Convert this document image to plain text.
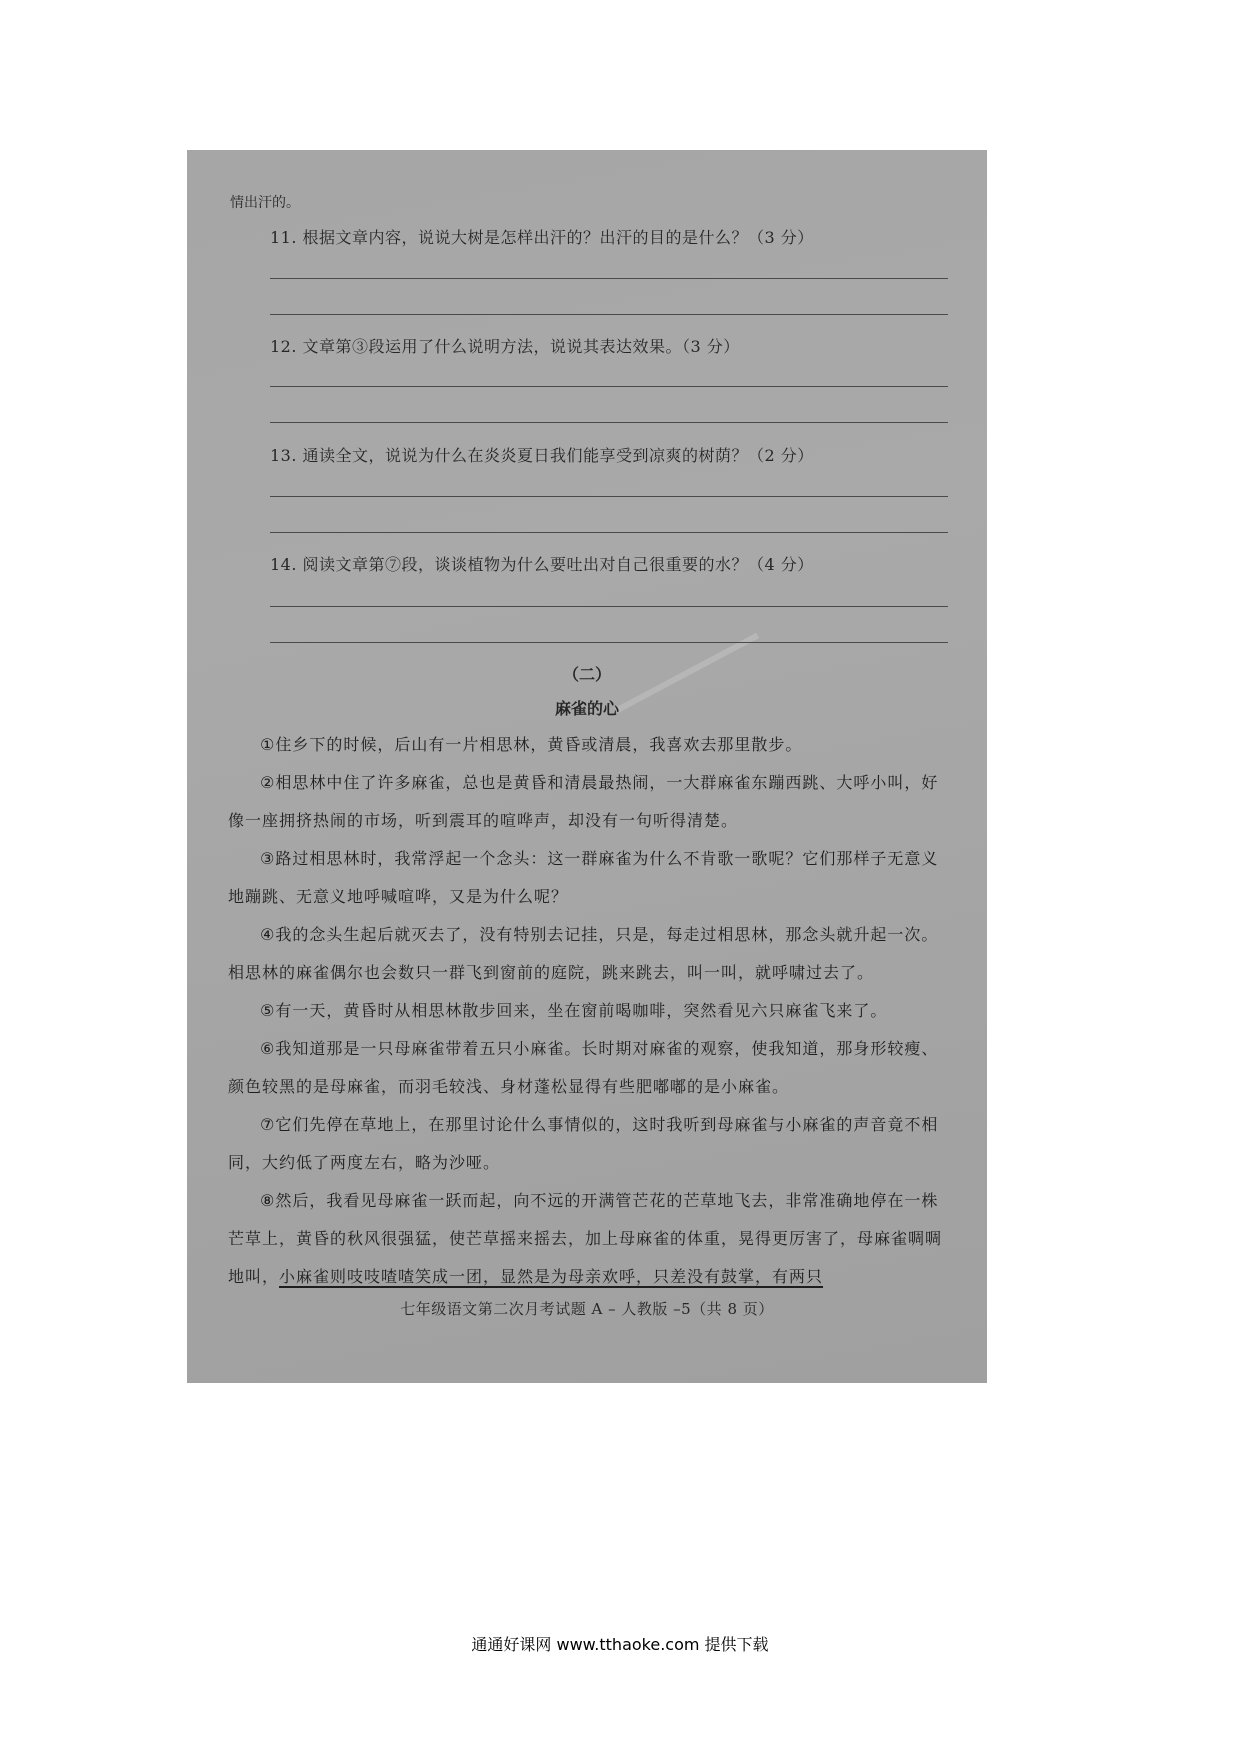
情出汗的。
11. 根据文章内容，说说大树是怎样出汗的？出汗的目的是什么？（3 分）
12. 文章第③段运用了什么说明方法，说说其表达效果。（3 分）
13. 通读全文，说说为什么在炎炎夏日我们能享受到凉爽的树荫？（2 分）
14. 阅读文章第⑦段，谈谈植物为什么要吐出对自己很重要的水？（4 分）
（二）
麻雀的心

①住乡下的时候，后山有一片相思林，黄昏或清晨，我喜欢去那里散步。

②相思林中住了许多麻雀，总也是黄昏和清晨最热闹，一大群麻雀东蹦西跳、大呼小叫，好像一座拥挤热闹的市场，听到震耳的喧哗声，却没有一句听得清楚。

③路过相思林时，我常浮起一个念头：这一群麻雀为什么不肯歌一歌呢？它们那样子无意义地蹦跳、无意义地呼喊喧哗，又是为什么呢？

④我的念头生起后就灭去了，没有特别去记挂，只是，每走过相思林，那念头就升起一次。相思林的麻雀偶尔也会数只一群飞到窗前的庭院，跳来跳去，叫一叫，就呼啸过去了。

⑤有一天，黄昏时从相思林散步回来，坐在窗前喝咖啡，突然看见六只麻雀飞来了。

⑥我知道那是一只母麻雀带着五只小麻雀。长时期对麻雀的观察，使我知道，那身形较瘦、颜色较黑的是母麻雀，而羽毛较浅、身材蓬松显得有些肥嘟嘟的是小麻雀。

⑦它们先停在草地上，在那里讨论什么事情似的，这时我听到母麻雀与小麻雀的声音竟不相同，大约低了两度左右，略为沙哑。

⑧然后，我看见母麻雀一跃而起，向不远的开满管芒花的芒草地飞去，非常准确地停在一株芒草上，黄昏的秋风很强猛，使芒草摇来摇去，加上母麻雀的体重，晃得更厉害了，母麻雀啁啁地叫，小麻雀则吱吱喳喳笑成一团，显然是为母亲欢呼，只差没有鼓掌，有两只

七年级语文第二次月考试题 A – 人教版 –5（共 8 页）
通通好课网 www.tthaoke.com 提供下载
